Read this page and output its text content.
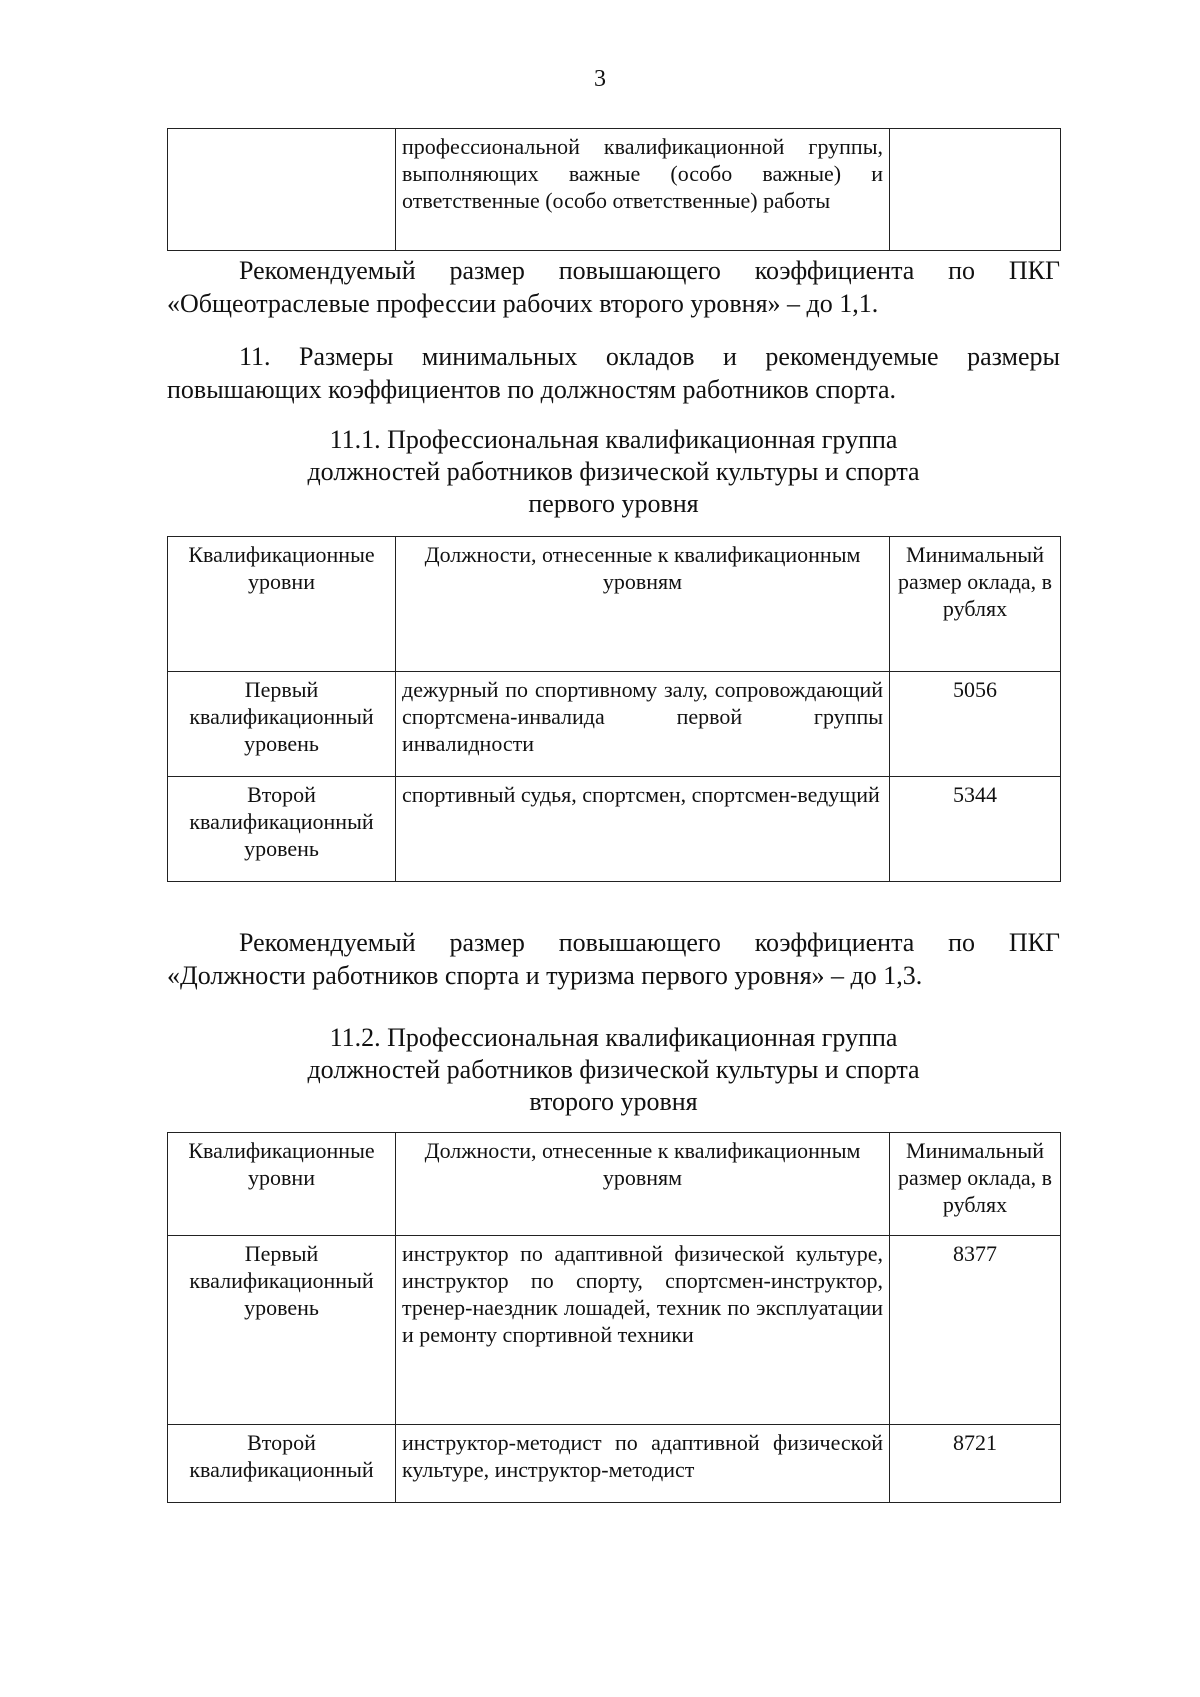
3
	профессиональной квалификационной группы, выполняющих важные (особо важные) и ответственные (особо ответственные) работы	
Рекомендуемый размер повышающего коэффициента по ПКГ
«Общеотраслевые профессии рабочих второго уровня» – до 1,1.
11. Размеры минимальных окладов и рекомендуемые размеры
повышающих коэффициентов по должностям работников спорта.
11.1. Профессиональная квалификационная группа
должностей работников физической культуры и спорта
первого уровня
Квалификационные уровни	Должности, отнесенные к квалификационным уровням	Минимальный размер оклада, в рублях
Первый квалификационный уровень	дежурный по спортивному залу, сопровождающий спортсмена-инвалида первой группы инвалидности	5056
Второй квалификационный уровень	спортивный судья, спортсмен, спортсмен-ведущий	5344
Рекомендуемый размер повышающего коэффициента по ПКГ
«Должности работников спорта и туризма первого уровня» – до 1,3.
11.2. Профессиональная квалификационная группа
должностей работников физической культуры и спорта
второго уровня
Квалификационные уровни	Должности, отнесенные к квалификационным уровням	Минимальный размер оклада, в рублях
Первый квалификационный уровень	инструктор по адаптивной физической культуре, инструктор по спорту, спортсмен-инструктор, тренер-наездник лошадей, техник по эксплуатации и ремонту спортивной техники	8377
Второй квалификационный	инструктор-методист по адаптивной физической культуре, инструктор-методист	8721
